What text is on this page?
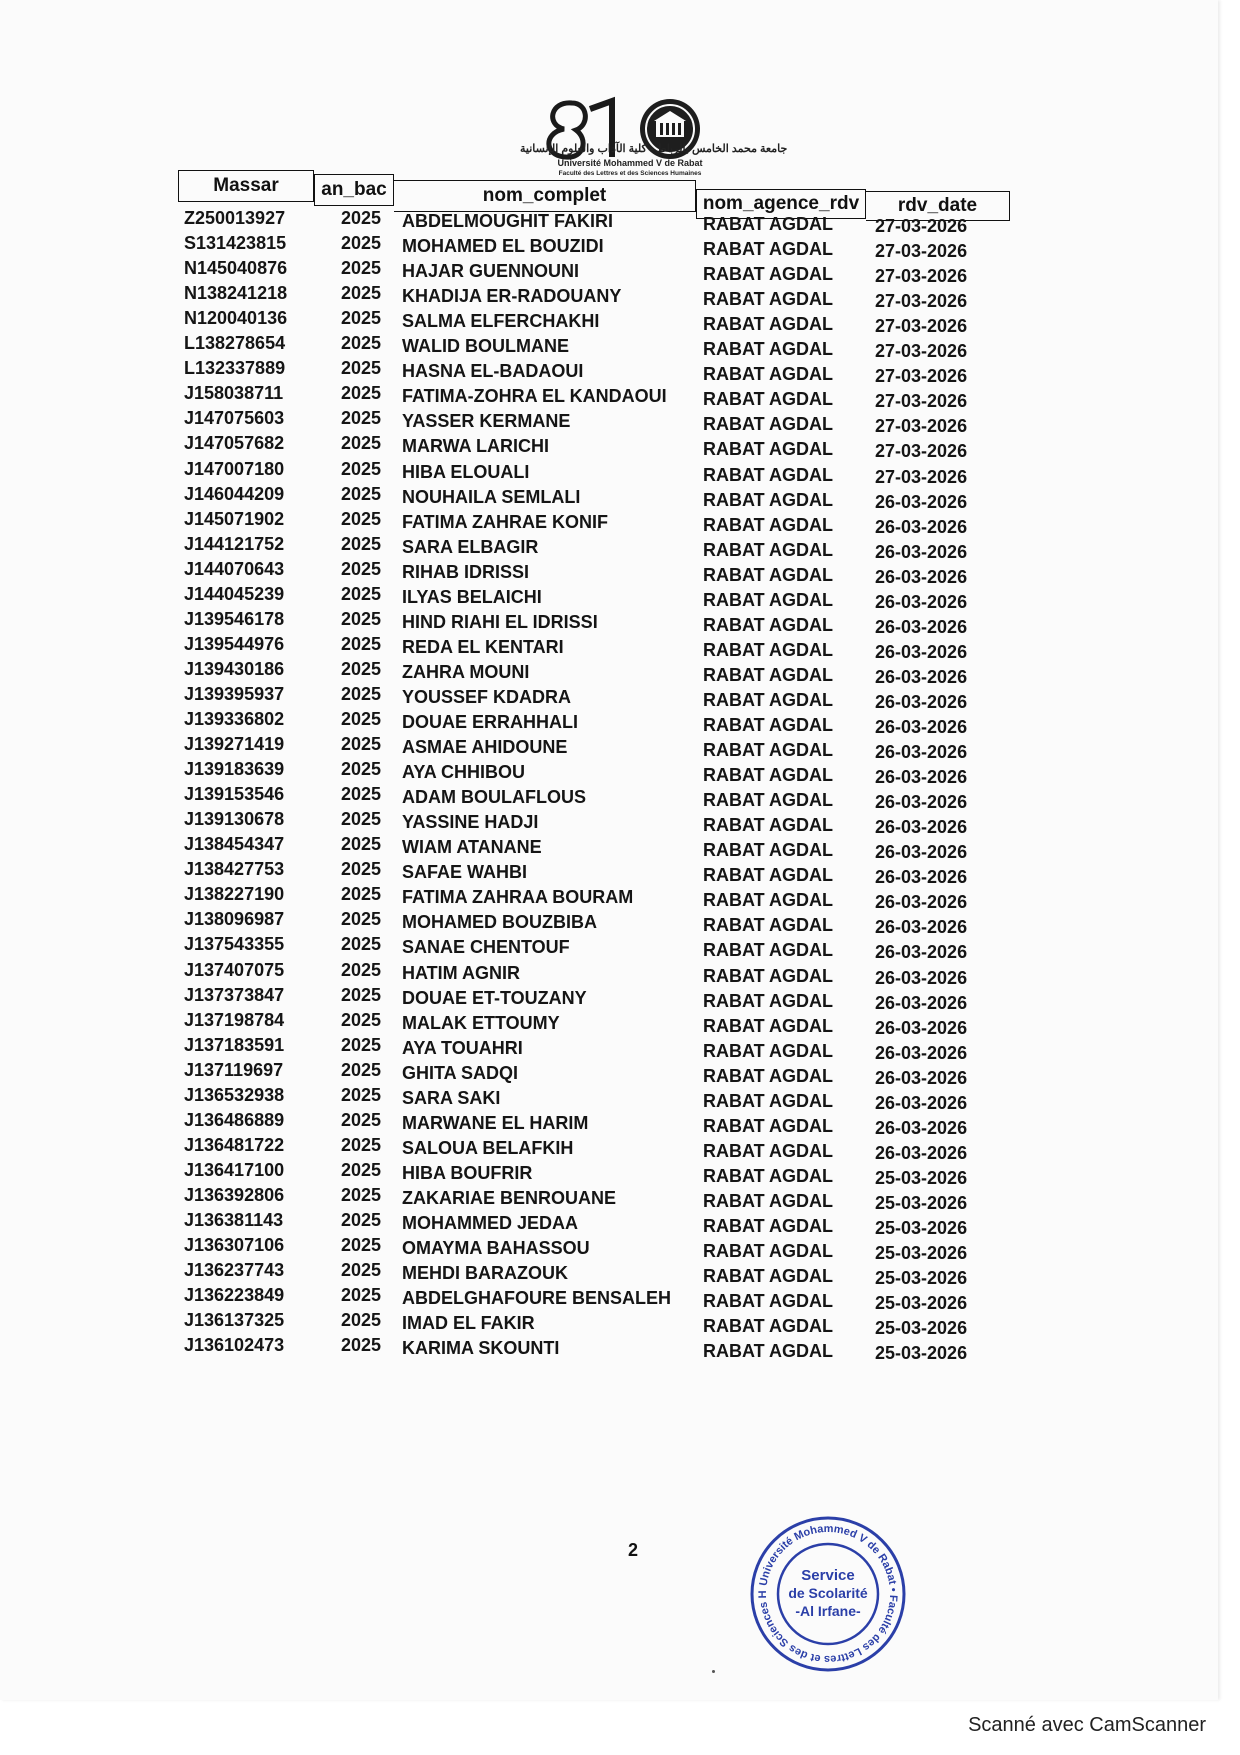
جامعة محمد الخامس بالرباط - كلية الآداب والعلوم الإنسانية
Université Mohammed V de Rabat
Faculté des Lettres et des Sciences Humaines
Massar an_bac	nom_complet	nom_agence_rdv rdv_date
Z250013927	2025 ABDELMOUGHIT FAKIRI	RABAT AGDAL 27-03-2026
S131423815	2025 MOHAMED EL BOUZIDI	RABAT AGDAL 27-03-2026
N145040876	2025 HAJAR GUENNOUNI	RABAT AGDAL 27-03-2026
N138241218	2025 KHADIJA ER-RADOUANY	RABAT AGDAL 27-03-2026
N120040136	2025 SALMA ELFERCHAKHI	RABAT AGDAL 27-03-2026
L138278654	2025 WALID BOULMANE	RABAT AGDAL 27-03-2026
L132337889	2025 HASNA EL-BADAOUI	RABAT AGDAL 27-03-2026
J158038711	2025 FATIMA-ZOHRA EL KANDAOUI RABAT AGDAL 27-03-2026
J147075603	2025 YASSER KERMANE	RABAT AGDAL 27-03-2026
J147057682	2025 MARWA LARICHI	RABAT AGDAL 27-03-2026
J147007180	2025 HIBA ELOUALI	RABAT AGDAL 27-03-2026
J146044209	2025 NOUHAILA SEMLALI	RABAT AGDAL 26-03-2026
J145071902	2025 FATIMA ZAHRAE KONIF	RABAT AGDAL 26-03-2026
J144121752	2025 SARA ELBAGIR	RABAT AGDAL 26-03-2026
J144070643	2025 RIHAB IDRISSI	RABAT AGDAL 26-03-2026
J144045239	2025 ILYAS BELAICHI	RABAT AGDAL 26-03-2026
J139546178	2025 HIND RIAHI EL IDRISSI	RABAT AGDAL 26-03-2026
J139544976	2025 REDA EL KENTARI	RABAT AGDAL 26-03-2026
J139430186	2025 ZAHRA MOUNI	RABAT AGDAL 26-03-2026
J139395937	2025 YOUSSEF KDADRA	RABAT AGDAL 26-03-2026
J139336802	2025 DOUAE ERRAHHALI	RABAT AGDAL 26-03-2026
J139271419	2025 ASMAE AHIDOUNE	RABAT AGDAL 26-03-2026
J139183639	2025 AYA CHHIBOU	RABAT AGDAL 26-03-2026
J139153546	2025 ADAM BOULAFLOUS	RABAT AGDAL 26-03-2026
J139130678	2025 YASSINE HADJI	RABAT AGDAL 26-03-2026
J138454347	2025 WIAM ATANANE	RABAT AGDAL 26-03-2026
J138427753	2025 SAFAE WAHBI	RABAT AGDAL 26-03-2026
J138227190	2025 FATIMA ZAHRAA BOURAM	RABAT AGDAL 26-03-2026
J138096987	2025 MOHAMED BOUZBIBA	RABAT AGDAL 26-03-2026
J137543355	2025 SANAE CHENTOUF	RABAT AGDAL 26-03-2026
J137407075	2025 HATIM AGNIR	RABAT AGDAL 26-03-2026
J137373847	2025 DOUAE ET-TOUZANY	RABAT AGDAL 26-03-2026
J137198784	2025 MALAK ETTOUMY	RABAT AGDAL 26-03-2026
J137183591	2025 AYA TOUAHRI	RABAT AGDAL 26-03-2026
J137119697	2025 GHITA SADQI	RABAT AGDAL 26-03-2026
J136532938	2025 SARA SAKI	RABAT AGDAL 26-03-2026
J136486889	2025 MARWANE EL HARIM	RABAT AGDAL 26-03-2026
J136481722	2025 SALOUA BELAFKIH	RABAT AGDAL 26-03-2026
J136417100	2025 HIBA BOUFRIR	RABAT AGDAL 25-03-2026
J136392806	2025 ZAKARIAE BENROUANE	RABAT AGDAL 25-03-2026
J136381143	2025 MOHAMMED JEDAA	RABAT AGDAL 25-03-2026
J136307106	2025 OMAYMA BAHASSOU	RABAT AGDAL 25-03-2026
J136237743	2025 MEHDI BARAZOUK	RABAT AGDAL 25-03-2026
J136223849	2025 ABDELGHAFOURE BENSALEH RABAT AGDAL 25-03-2026
J136137325	2025 IMAD EL FAKIR	RABAT AGDAL 25-03-2026
J136102473	2025 KARIMA SKOUNTI	RABAT AGDAL 25-03-2026
2
Université Mohammed V de Rabat • Faculté des Lettres et des Sciences H
Service
de Scolarité
-Al Irfane-
Scanné avec CamScanner
